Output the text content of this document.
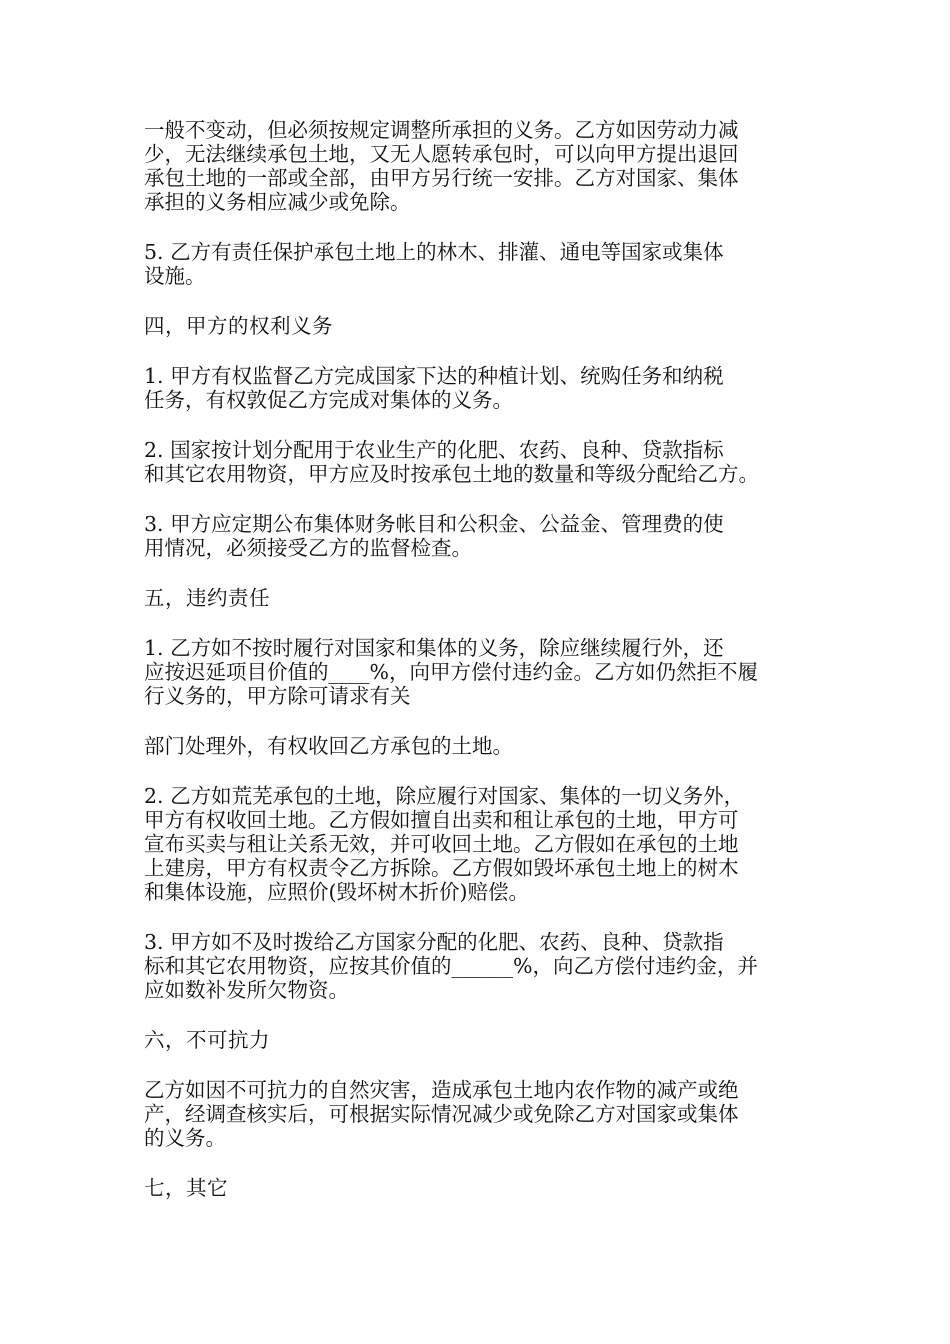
一般不变动，但必须按规定调整所承担的义务。乙方如因劳动力减
少，无法继续承包土地，又无人愿转承包时，可以向甲方提出退回
承包土地的一部或全部，由甲方另行统一安排。乙方对国家、集体
承担的义务相应减少或免除。
5. 乙方有责任保护承包土地上的林木、排灌、通电等国家或集体
设施。
四，甲方的权利义务
1. 甲方有权监督乙方完成国家下达的种植计划、统购任务和纳税
任务，有权敦促乙方完成对集体的义务。
2. 国家按计划分配用于农业生产的化肥、农药、良种、贷款指标
和其它农用物资，甲方应及时按承包土地的数量和等级分配给乙方。
3. 甲方应定期公布集体财务帐目和公积金、公益金、管理费的使
用情况，必须接受乙方的监督检查。
五，违约责任
1. 乙方如不按时履行对国家和集体的义务，除应继续履行外，还
应按迟延项目价值的____%，向甲方偿付违约金。乙方如仍然拒不履
行义务的，甲方除可请求有关
部门处理外，有权收回乙方承包的土地。
2. 乙方如荒芜承包的土地，除应履行对国家、集体的一切义务外，
甲方有权收回土地。乙方假如擅自出卖和租让承包的土地，甲方可
宣布买卖与租让关系无效，并可收回土地。乙方假如在承包的土地
上建房，甲方有权责令乙方拆除。乙方假如毁坏承包土地上的树木
和集体设施，应照价(毁坏树木折价)赔偿。
3. 甲方如不及时拨给乙方国家分配的化肥、农药、良种、贷款指
标和其它农用物资，应按其价值的______%，向乙方偿付违约金，并
应如数补发所欠物资。
六，不可抗力
乙方如因不可抗力的自然灾害，造成承包土地内农作物的减产或绝
产，经调查核实后，可根据实际情况减少或免除乙方对国家或集体
的义务。
七，其它
